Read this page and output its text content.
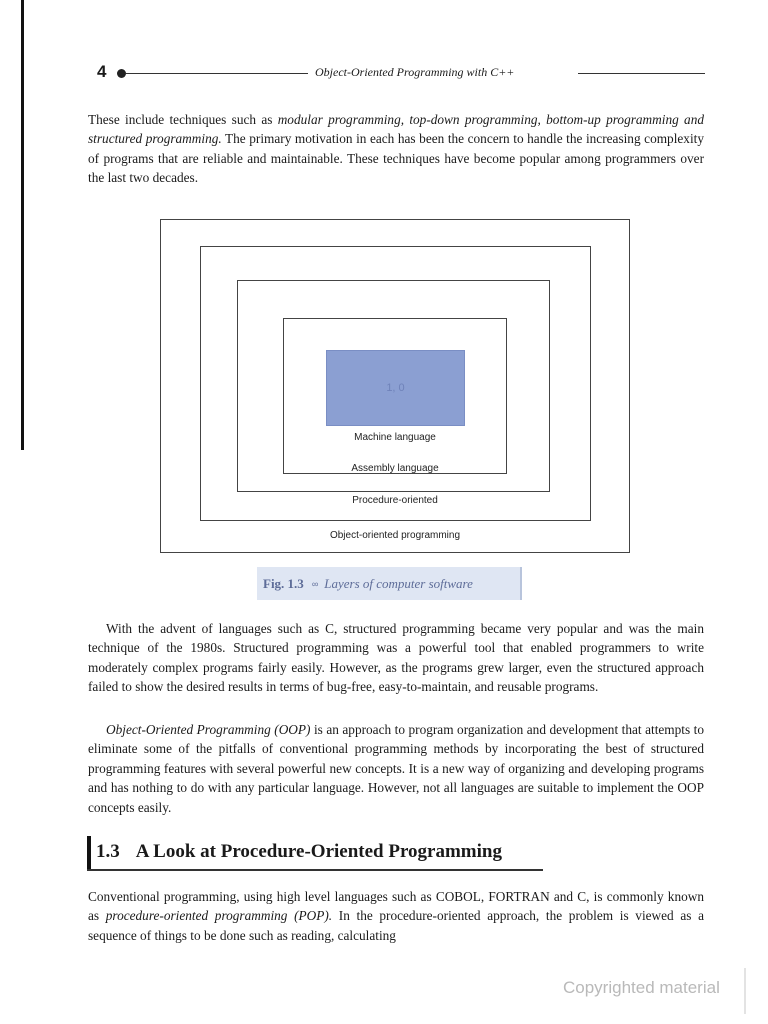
4	Object-Oriented Programming with C++

These include techniques such as modular programming, top-down programming, bottom-up programming and structured programming. The primary motivation in each has been the concern to handle the increasing complexity of programs that are reliable and maintainable. These techniques have become popular among programmers over the last two decades.

1, 0
Machine language
Assembly language
Procedure-oriented
Object-oriented programming
Fig. 1.3 ∞ Layers of computer software

With the advent of languages such as C, structured programming became very popular and was the main technique of the 1980s. Structured programming was a powerful tool that enabled programmers to write moderately complex programs fairly easily. However, as the programs grew larger, even the structured approach failed to show the desired results in terms of bug-free, easy-to-maintain, and reusable programs.

Object-Oriented Programming (OOP) is an approach to program organization and development that attempts to eliminate some of the pitfalls of conventional programming methods by incorporating the best of structured programming features with several powerful new concepts. It is a new way of organizing and developing programs and has nothing to do with any particular language. However, not all languages are suitable to implement the OOP concepts easily.

1.3 A Look at Procedure-Oriented Programming

Conventional programming, using high level languages such as COBOL, FORTRAN and C, is commonly known as procedure-oriented programming (POP). In the procedure-oriented approach, the problem is viewed as a sequence of things to be done such as reading, calculating

Copyrighted material
